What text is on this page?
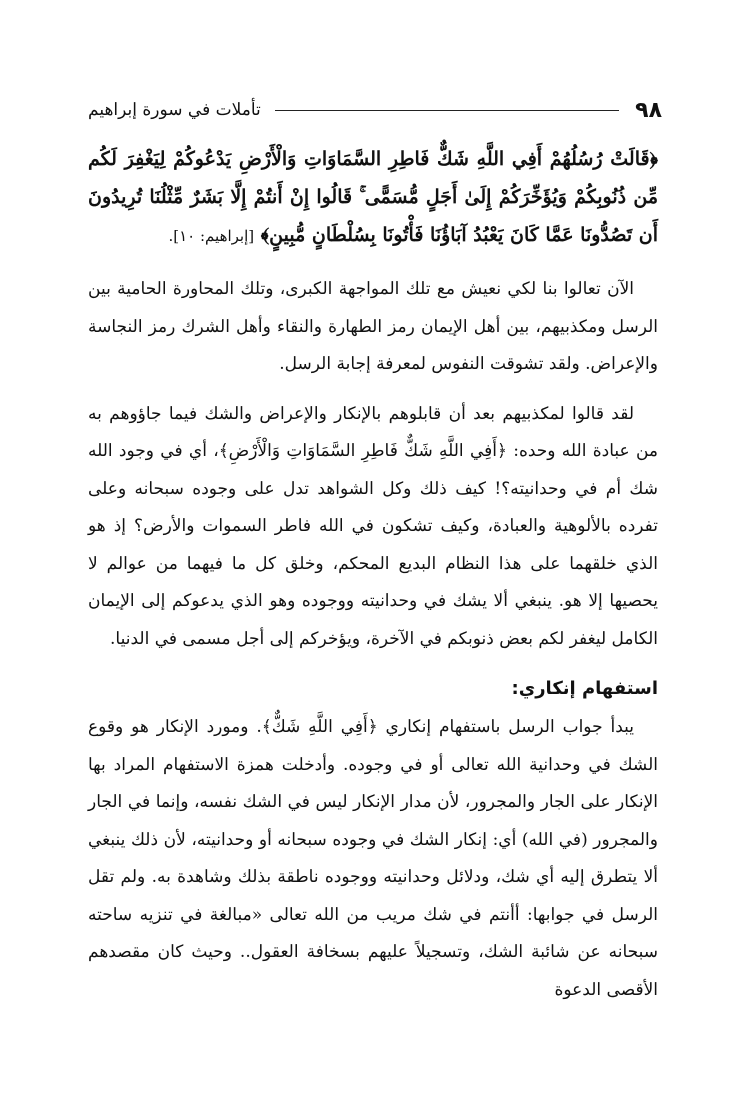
٩٨
تأملات في سورة إبراهيم

﴿قَالَتْ رُسُلُهُمْ أَفِي اللَّهِ شَكٌّ فَاطِرِ السَّمَاوَاتِ وَالْأَرْضِ يَدْعُوكُمْ لِيَغْفِرَ لَكُم مِّن ذُنُوبِكُمْ وَيُؤَخِّرَكُمْ إِلَىٰ أَجَلٍ مُّسَمًّى ۚ قَالُوا إِنْ أَنتُمْ إِلَّا بَشَرٌ مِّثْلُنَا تُرِيدُونَ أَن تَصُدُّونَا عَمَّا كَانَ يَعْبُدُ آبَاؤُنَا فَأْتُونَا بِسُلْطَانٍ مُّبِينٍ﴾ [إبراهيم: ١٠].

الآن تعالوا بنا لكي نعيش مع تلك المواجهة الكبرى، وتلك المحاورة الحامية بين الرسل ومكذبيهم، بين أهل الإيمان رمز الطهارة والنقاء وأهل الشرك رمز النجاسة والإعراض. ولقد تشوقت النفوس لمعرفة إجابة الرسل.

لقد قالوا لمكذبيهم بعد أن قابلوهم بالإنكار والإعراض والشك فيما جاؤوهم به من عبادة الله وحده: ﴿أَفِي اللَّهِ شَكٌّ فَاطِرِ السَّمَاوَاتِ وَالْأَرْضِ﴾، أي في وجود الله شك أم في وحدانيته؟! كيف ذلك وكل الشواهد تدل على وجوده سبحانه وعلى تفرده بالألوهية والعبادة، وكيف تشكون في الله فاطر السموات والأرض؟ إذ هو الذي خلقهما على هذا النظام البديع المحكم، وخلق كل ما فيهما من عوالم لا يحصيها إلا هو. ينبغي ألا يشك في وحدانيته ووجوده وهو الذي يدعوكم إلى الإيمان الكامل ليغفر لكم بعض ذنوبكم في الآخرة، ويؤخركم إلى أجل مسمى في الدنيا.

استفهام إنكاري:

يبدأ جواب الرسل باستفهام إنكاري ﴿أَفِي اللَّهِ شَكٌّ﴾. ومورد الإنكار هو وقوع الشك في وحدانية الله تعالى أو في وجوده. وأدخلت همزة الاستفهام المراد بها الإنكار على الجار والمجرور، لأن مدار الإنكار ليس في الشك نفسه، وإنما في الجار والمجرور (في الله) أي: إنكار الشك في وجوده سبحانه أو وحدانيته، لأن ذلك ينبغي ألا يتطرق إليه أي شك، ودلائل وحدانيته ووجوده ناطقة بذلك وشاهدة به. ولم تقل الرسل في جوابها: أأنتم في شك مريب من الله تعالى «مبالغة في تنزيه ساحته سبحانه عن شائبة الشك، وتسجيلاً عليهم بسخافة العقول.. وحيث كان مقصدهم الأقصى الدعوة
